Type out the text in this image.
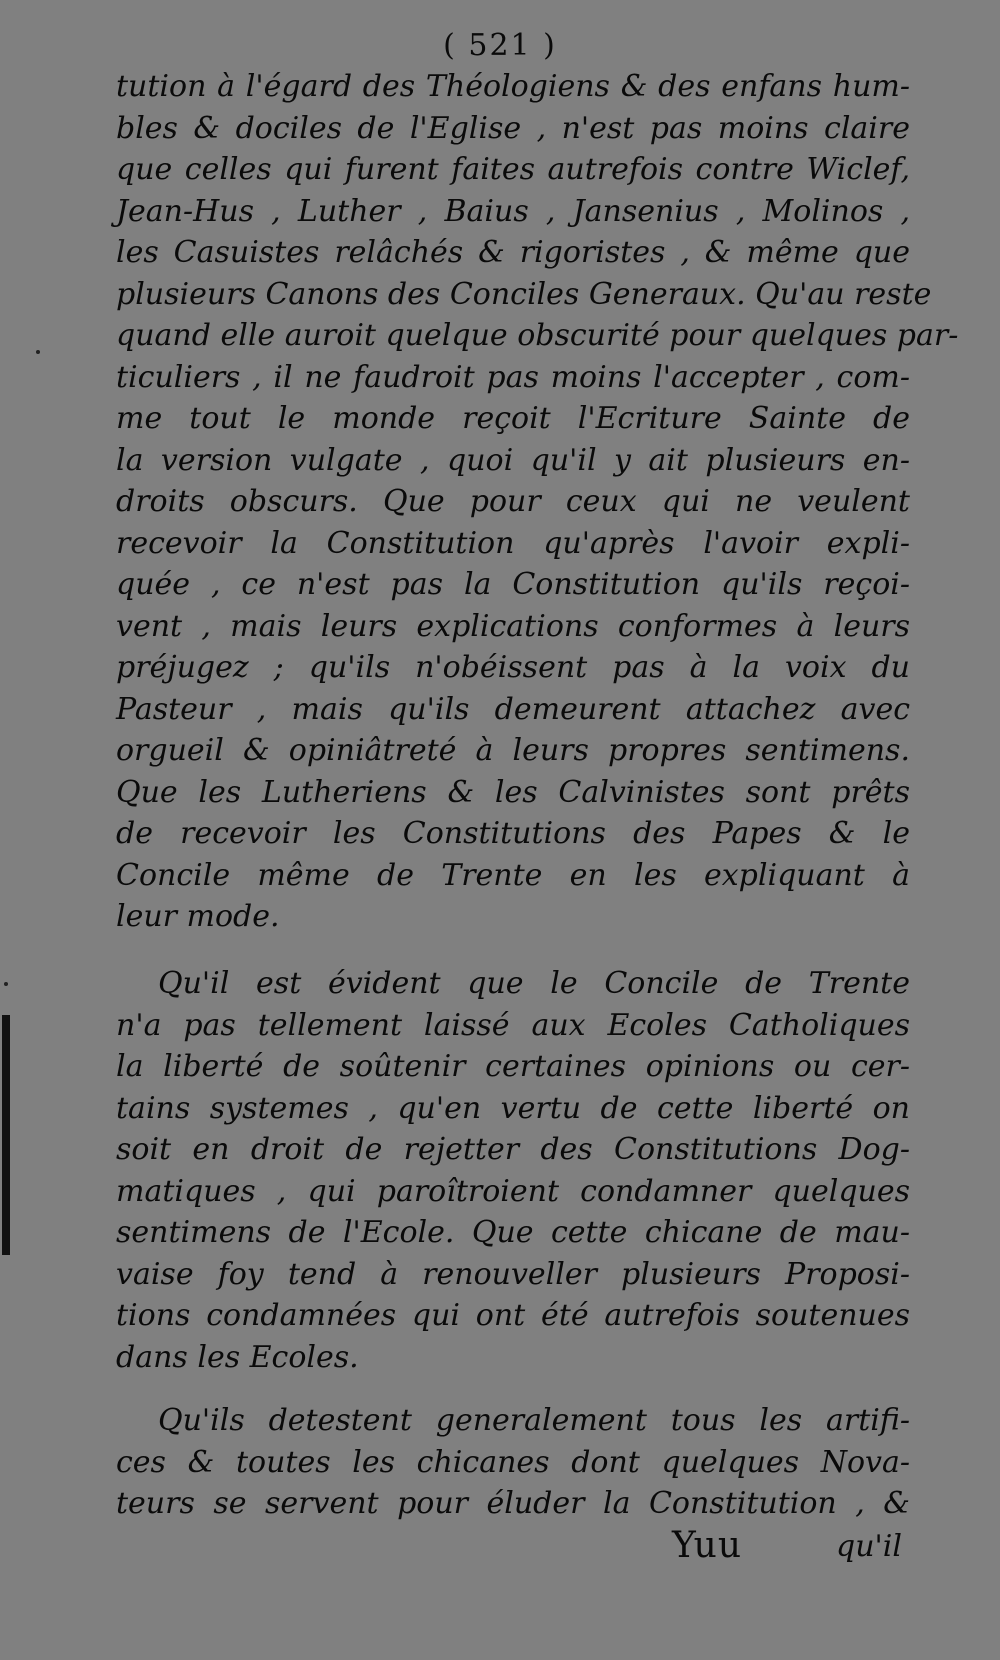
( 521 )
tution à l'égard des Théologiens & des enfans hum-
bles & dociles de l'Eglise , n'est pas moins claire
que celles qui furent faites autrefois contre Wiclef,
Jean-Hus , Luther , Baius , Jansenius , Molinos ,
les Casuistes relâchés & rigoristes , & même que
plusieurs Canons des Conciles Generaux. Qu'au reste
quand elle auroit quelque obscurité pour quelques par-
ticuliers , il ne faudroit pas moins l'accepter , com-
me tout le monde reçoit l'Ecriture Sainte de
la version vulgate , quoi qu'il y ait plusieurs en-
droits obscurs. Que pour ceux qui ne veulent
recevoir la Constitution qu'après l'avoir expli-
quée , ce n'est pas la Constitution qu'ils reçoi-
vent , mais leurs explications conformes à leurs
préjugez ; qu'ils n'obéissent pas à la voix du
Pasteur , mais qu'ils demeurent attachez avec
orgueil & opiniâtreté à leurs propres sentimens.
Que les Lutheriens & les Calvinistes sont prêts
de recevoir les Constitutions des Papes & le
Concile même de Trente en les expliquant à
leur mode.
Qu'il est évident que le Concile de Trente
n'a pas tellement laissé aux Ecoles Catholiques
la liberté de soûtenir certaines opinions ou cer-
tains systemes , qu'en vertu de cette liberté on
soit en droit de rejetter des Constitutions Dog-
matiques , qui paroîtroient condamner quelques
sentimens de l'Ecole. Que cette chicane de mau-
vaise foy tend à renouveller plusieurs Proposi-
tions condamnées qui ont été autrefois soutenues
dans les Ecoles.
Qu'ils detestent generalement tous les artifi-
ces & toutes les chicanes dont quelques Nova-
teurs se servent pour éluder la Constitution , &
Yuu	qu'il
